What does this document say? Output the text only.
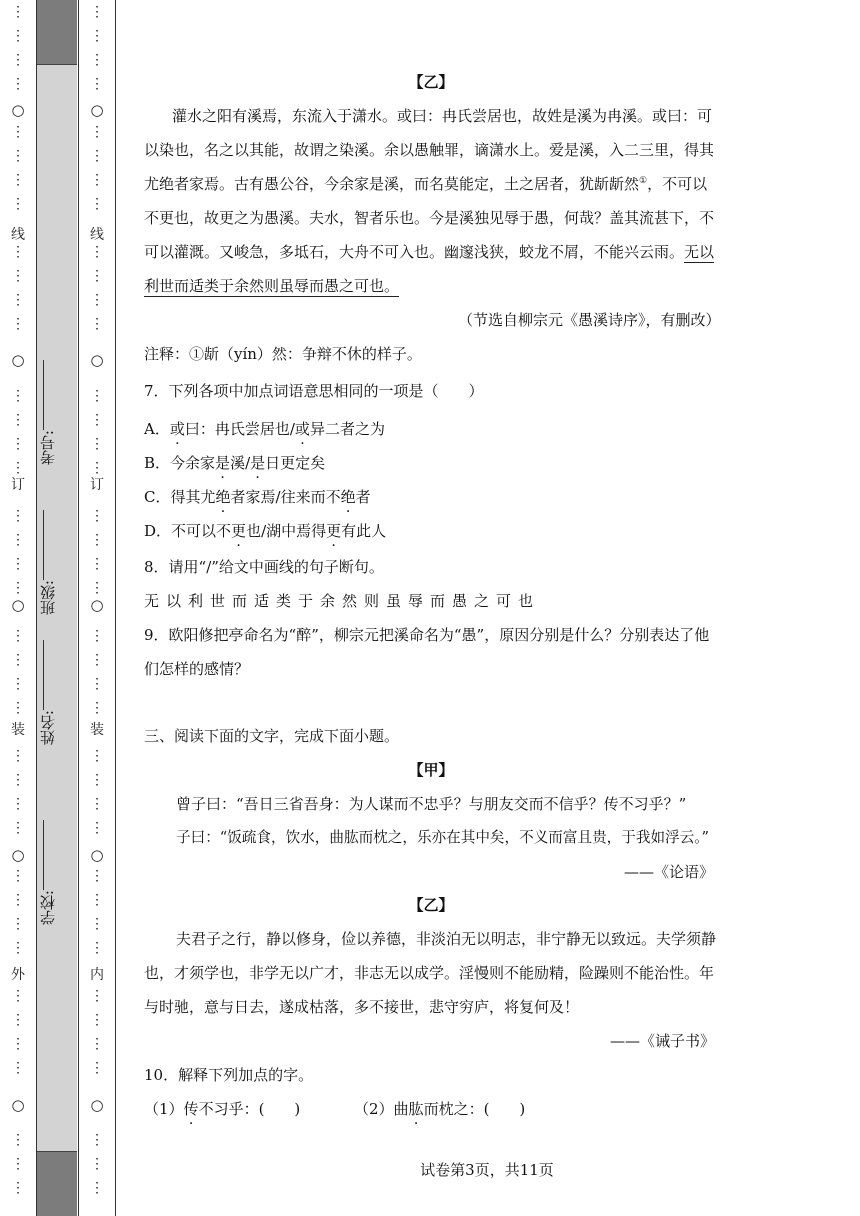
○
○
○
○
○
线
订
装
外
⋮
⋮
⋮
⋮
⋮
⋮
⋮
⋮
⋮
⋮
⋮
⋮
⋮
⋮
⋮
⋮
⋮
⋮
⋮
⋮
⋮
⋮
⋮
⋮
⋮
⋮
⋮
⋮
⋮
⋮
⋮
⋮
⋮
⋮
⋮
⋮
⋮
⋮
⋮
学校:
姓名:
班级:
考号:
○
○
○
○
○
线
订
装
内
⋮
⋮
⋮
⋮
⋮
⋮
⋮
⋮
⋮
⋮
⋮
⋮
⋮
⋮
⋮
⋮
⋮
⋮
⋮
⋮
⋮
⋮
⋮
⋮
⋮
⋮
⋮
⋮
⋮
⋮
⋮
⋮
⋮
⋮
⋮
⋮
⋮
⋮
⋮
【乙】
灌水之阳有溪焉，东流入于潇水。或曰：冉氏尝居也，故姓是溪为冉溪。或曰：可
以染也，名之以其能，故谓之染溪。余以愚触罪，谪潇水上。爱是溪，入二三里，得其
尤绝者家焉。古有愚公谷，今余家是溪，而名莫能定，土之居者，犹龂龂然①，不可以
不更也，故更之为愚溪。夫水，智者乐也。今是溪独见辱于愚，何哉？盖其流甚下，不
可以灌溉。又峻急，多坻石，大舟不可入也。幽邃浅狭，蛟龙不屑，不能兴云雨。无以
利世而适类于余然则虽辱而愚之可也。
（节选自柳宗元《愚溪诗序》，有删改）
注释：①龂（yín）然：争辩不休的样子。
7．下列各项中加点词语意思相同的一项是（　　）
A．或曰：冉氏尝居也/或异二者之为
B．今余家是溪/是日更定矣
C．得其尤绝者家焉/往来而不绝者
D．不可以不更也/湖中焉得更有此人
8．请用“/”给文中画线的句子断句。
无以利世而适类于余然则虽辱而愚之可也
9．欧阳修把亭命名为“醉”，柳宗元把溪命名为“愚”，原因分别是什么？分别表达了他
们怎样的感情？
三、阅读下面的文字，完成下面小题。
【甲】
曾子曰：“吾日三省吾身：为人谋而不忠乎？与朋友交而不信乎？传不习乎？”
子曰：“饭疏食，饮水，曲肱而枕之，乐亦在其中矣，不义而富且贵，于我如浮云。”
——《论语》
【乙】
夫君子之行，静以修身，俭以养德，非淡泊无以明志，非宁静无以致远。夫学须静
也，才须学也，非学无以广才，非志无以成学。淫慢则不能励精，险躁则不能治性。年
与时驰，意与日去，遂成枯落，多不接世，悲守穷庐，将复何及！
——《诫子书》
10．解释下列加点的字。
（1）传不习乎：(　　)	（2）曲肱而枕之：(　　)
试卷第3页，共11页
